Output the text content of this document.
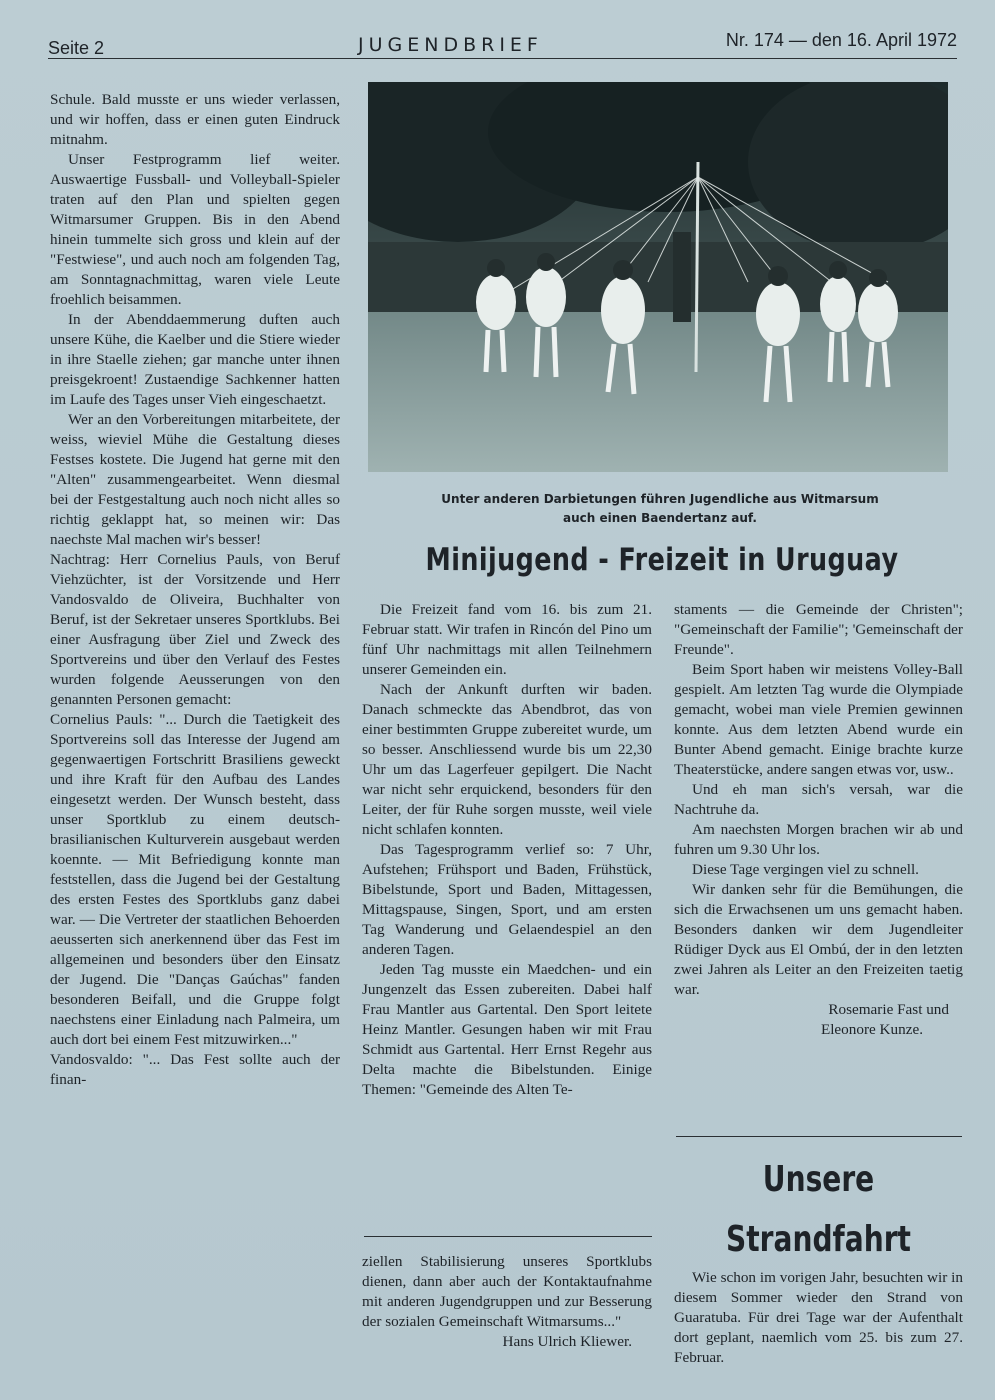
Seite 2	JUGENDBRIEF	Nr. 174 — den 16. April 1972

Schule. Bald musste er uns wieder verlassen, und wir hoffen, dass er einen guten Eindruck mitnahm.

Unser Festprogramm lief weiter. Auswaertige Fussball- und Volleyball-Spieler traten auf den Plan und spielten gegen Witmarsumer Gruppen. Bis in den Abend hinein tummelte sich gross und klein auf der "Festwiese", und auch noch am folgenden Tag, am Sonntagnachmittag, waren viele Leute froehlich beisammen.

In der Abenddaemmerung duften auch unsere Kühe, die Kaelber und die Stiere wieder in ihre Staelle ziehen; gar manche unter ihnen preisgekroent! Zustaendige Sachkenner hatten im Laufe des Tages unser Vieh eingeschaetzt.

Wer an den Vorbereitungen mitarbeitete, der weiss, wieviel Mühe die Gestaltung dieses Festses kostete. Die Jugend hat gerne mit den "Alten" zusammengearbeitet. Wenn diesmal bei der Festgestaltung auch noch nicht alles so richtig geklappt hat, so meinen wir: Das naechste Mal machen wir's besser!

Nachtrag: Herr Cornelius Pauls, von Beruf Viehzüchter, ist der Vorsitzende und Herr Vandosvaldo de Oliveira, Buchhalter von Beruf, ist der Sekretaer unseres Sportklubs. Bei einer Ausfragung über Ziel und Zweck des Sportvereins und über den Verlauf des Festes wurden folgende Aeusserungen von den genannten Personen gemacht:

Cornelius Pauls: "... Durch die Taetigkeit des Sportvereins soll das Interesse der Jugend am gegenwaertigen Fortschritt Brasiliens geweckt und ihre Kraft für den Aufbau des Landes eingesetzt werden. Der Wunsch besteht, dass unser Sportklub zu einem deutsch-brasilianischen Kulturverein ausgebaut werden koennte. — Mit Befriedigung konnte man feststellen, dass die Jugend bei der Gestaltung des ersten Festes des Sportklubs ganz dabei war. — Die Vertreter der staatlichen Behoerden aeusserten sich anerkennend über das Fest im allgemeinen und besonders über den Einsatz der Jugend. Die "Danças Gaúchas" fanden besonderen Beifall, und die Gruppe folgt naechstens einer Einladung nach Palmeira, um auch dort bei einem Fest mitzuwirken..."

Vandosvaldo: "... Das Fest sollte auch der finan-

Unter anderen Darbietungen führen Jugendliche aus Witmarsum
auch einen Baendertanz auf.
Minijugend - Freizeit in Uruguay

Die Freizeit fand vom 16. bis zum 21. Februar statt. Wir trafen in Rincón del Pino um fünf Uhr nachmittags mit allen Teilnehmern unserer Gemeinden ein.

Nach der Ankunft durften wir baden. Danach schmeckte das Abendbrot, das von einer bestimmten Gruppe zubereitet wurde, um so besser. Anschliessend wurde bis um 22,30 Uhr um das Lagerfeuer gepilgert. Die Nacht war nicht sehr erquickend, besonders für den Leiter, der für Ruhe sorgen musste, weil viele nicht schlafen konnten.

Das Tagesprogramm verlief so: 7 Uhr, Aufstehen; Frühsport und Baden, Frühstück, Bibelstunde, Sport und Baden, Mittagessen, Mittagspause, Singen, Sport, und am ersten Tag Wanderung und Gelaendespiel an den anderen Tagen.

Jeden Tag musste ein Maedchen- und ein Jungenzelt das Essen zubereiten. Dabei half Frau Mantler aus Gartental. Den Sport leitete Heinz Mantler. Gesungen haben wir mit Frau Schmidt aus Gartental. Herr Ernst Regehr aus Delta machte die Bibelstunden. Einige Themen: "Gemeinde des Alten Te-

ziellen Stabilisierung unseres Sportklubs dienen, dann aber auch der Kontaktaufnahme mit anderen Jugendgruppen und zur Besserung der sozialen Gemeinschaft Witmarsums..."

Hans Ulrich Kliewer.

staments — die Gemeinde der Christen"; "Gemeinschaft der Familie"; 'Gemeinschaft der Freunde".

Beim Sport haben wir meistens Volley-Ball gespielt. Am letzten Tag wurde die Olympiade gemacht, wobei man viele Premien gewinnen konnte. Aus dem letzten Abend wurde ein Bunter Abend gemacht. Einige brachte kurze Theaterstücke, andere sangen etwas vor, usw..

Und eh man sich's versah, war die Nachtruhe da.

Am naechsten Morgen brachen wir ab und fuhren um 9.30 Uhr los.

Diese Tage vergingen viel zu schnell.

Wir danken sehr für die Bemühungen, die sich die Erwachsenen um uns gemacht haben. Besonders danken wir dem Jugendleiter Rüdiger Dyck aus El Ombú, der in den letzten zwei Jahren als Leiter an den Freizeiten taetig war.

Rosemarie Fast und

Eleonore Kunze.

Unsere
Strandfahrt

Wie schon im vorigen Jahr, besuchten wir in diesem Sommer wieder den Strand von Guaratuba. Für drei Tage war der Aufenthalt dort geplant, naemlich vom 25. bis zum 27. Februar.
